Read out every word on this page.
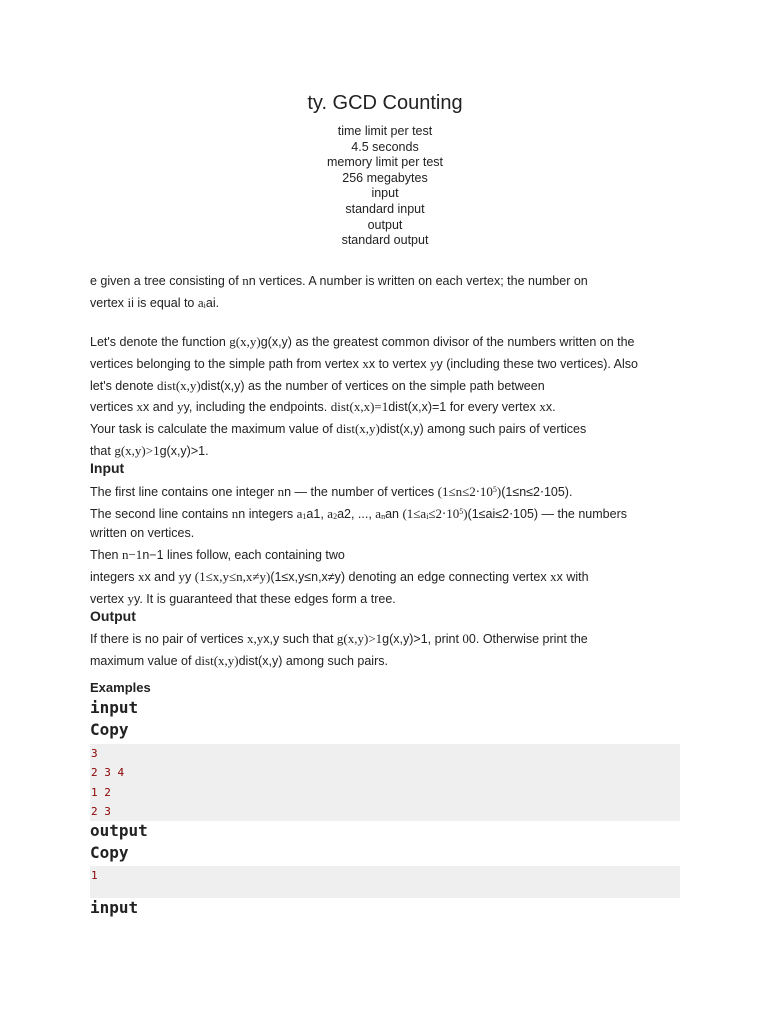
ty. GCD Counting
time limit per test
4.5 seconds
memory limit per test
256 megabytes
input
standard input
output
standard output
e given a tree consisting of nn vertices. A number is written on each vertex; the number on
vertex ii is equal to aiai.
Let's denote the function g(x,y)g(x,y) as the greatest common divisor of the numbers written on the
vertices belonging to the simple path from vertex xx to vertex yy (including these two vertices). Also
let's denote dist(x,y)dist(x,y) as the number of vertices on the simple path between
vertices xx and yy, including the endpoints. dist(x,x)=1dist(x,x)=1 for every vertex xx.
Your task is calculate the maximum value of dist(x,y)dist(x,y) among such pairs of vertices
that g(x,y)>1g(x,y)>1.
Input
The first line contains one integer nn — the number of vertices $(1\le n\le 2\cdot 10^5)(1\le n\le 2\cdot 105)$.
The second line contains nn integers a1a1, a2a2, ..., anan $(1\le ai\le 2\cdot 10^5)(1\le ai\le 2\cdot 105)$ — the numbers
written on vertices.
Then n−1n−1 lines follow, each containing two
integers xx and yy (1≤x,y≤n,x≠y)(1≤x,y≤n,x≠y) denoting an edge connecting vertex xx with
vertex yy. It is guaranteed that these edges form a tree.
Output
If there is no pair of vertices x,yx,y such that g(x,y)>1g(x,y)>1, print 00. Otherwise print the
maximum value of dist(x,y)dist(x,y) among such pairs.
Examples
input
Copy
3
2 3 4
1 2
2 3
output
Copy
1
input
